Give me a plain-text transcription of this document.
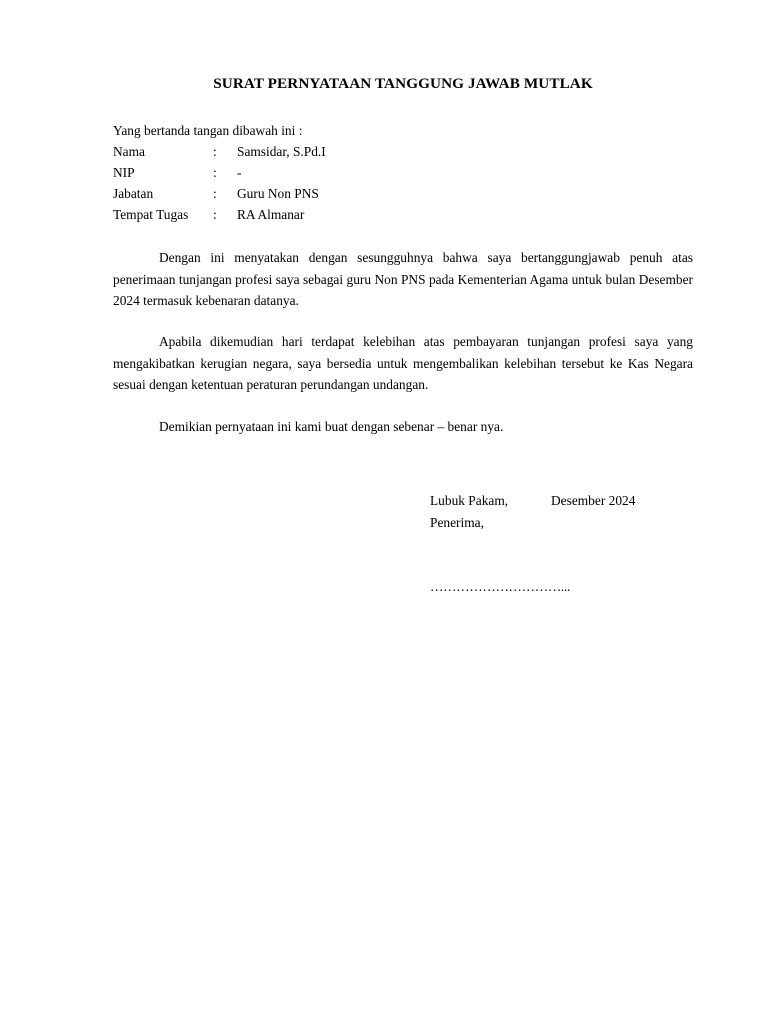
SURAT PERNYATAAN TANGGUNG JAWAB MUTLAK
Yang bertanda tangan dibawah ini :
Nama	: Samsidar, S.Pd.I
NIP	: -
Jabatan	: Guru Non PNS
Tempat Tugas : RA Almanar
Dengan ini menyatakan dengan sesungguhnya bahwa saya bertanggungjawab penuh atas penerimaan tunjangan profesi saya sebagai guru Non PNS pada Kementerian Agama untuk bulan Desember 2024 termasuk kebenaran datanya.
Apabila dikemudian hari terdapat kelebihan atas pembayaran tunjangan profesi saya yang mengakibatkan kerugian negara, saya bersedia untuk mengembalikan kelebihan tersebut ke Kas Negara sesuai dengan ketentuan peraturan perundangan undangan.
Demikian pernyataan ini kami buat dengan sebenar – benar nya.
Lubuk Pakam,	Desember 2024
Penerima,
…………………………...
